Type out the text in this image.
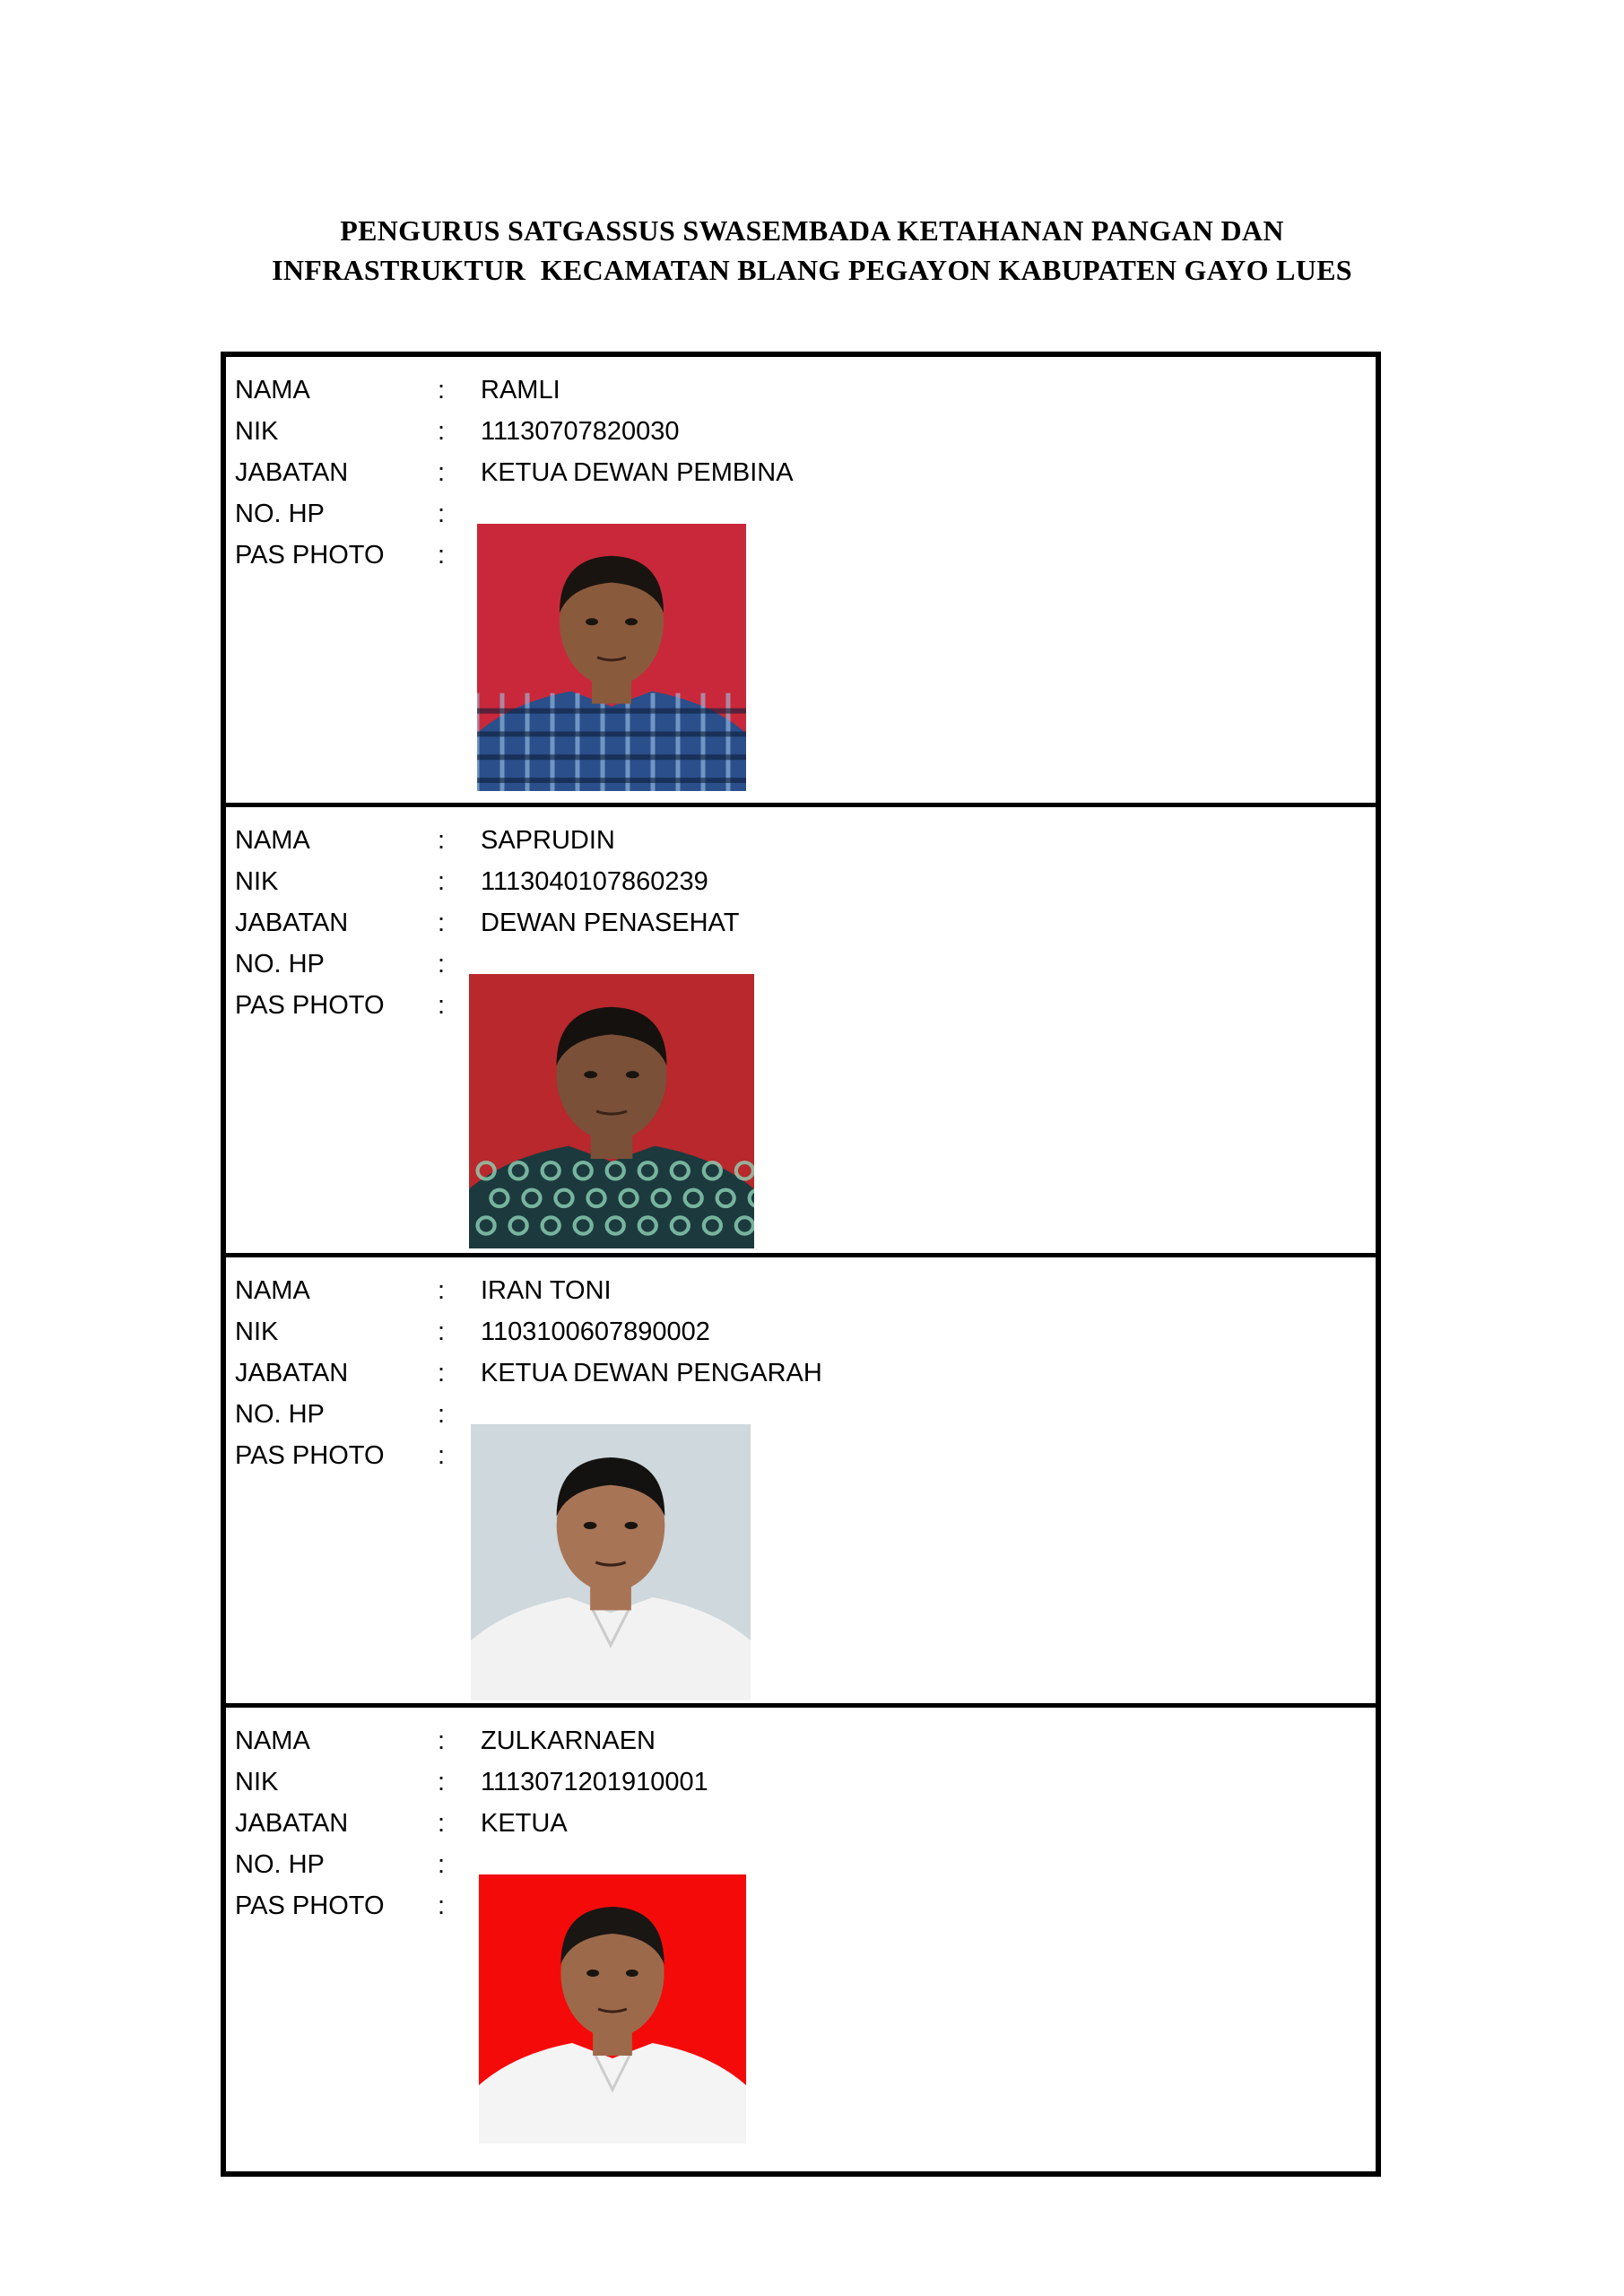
PENGURUS SATGASSUS SWASEMBADA KETAHANAN PANGAN DAN
INFRASTRUKTUR  KECAMATAN BLANG PEGAYON KABUPATEN GAYO LUES
NAMA	: RAMLI
NIK	: 11130707820030
JABATAN	: KETUA DEWAN PEMBINA
NO. HP	:
PAS PHOTO	:
NAMA	: SAPRUDIN
NIK	: 1113040107860239
JABATAN	: DEWAN PENASEHAT
NO. HP	:
PAS PHOTO	:
NAMA	: IRAN TONI
NIK	: 1103100607890002
JABATAN	: KETUA DEWAN PENGARAH
NO. HP	:
PAS PHOTO	:
NAMA	: ZULKARNAEN
NIK	: 1113071201910001
JABATAN	: KETUA
NO. HP	:
PAS PHOTO	:
